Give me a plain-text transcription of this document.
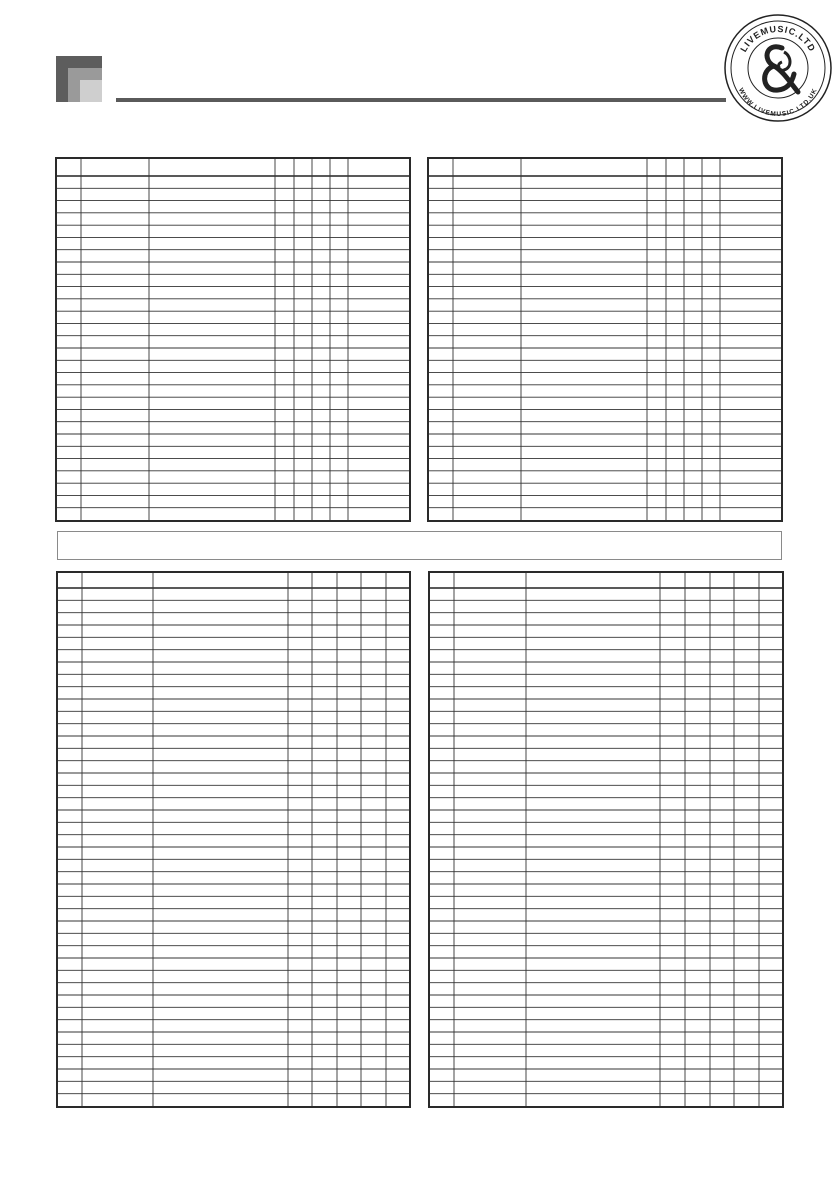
LIVEMUSIC.LTD
WWW.LIVEMUSIC.LTD.UK
